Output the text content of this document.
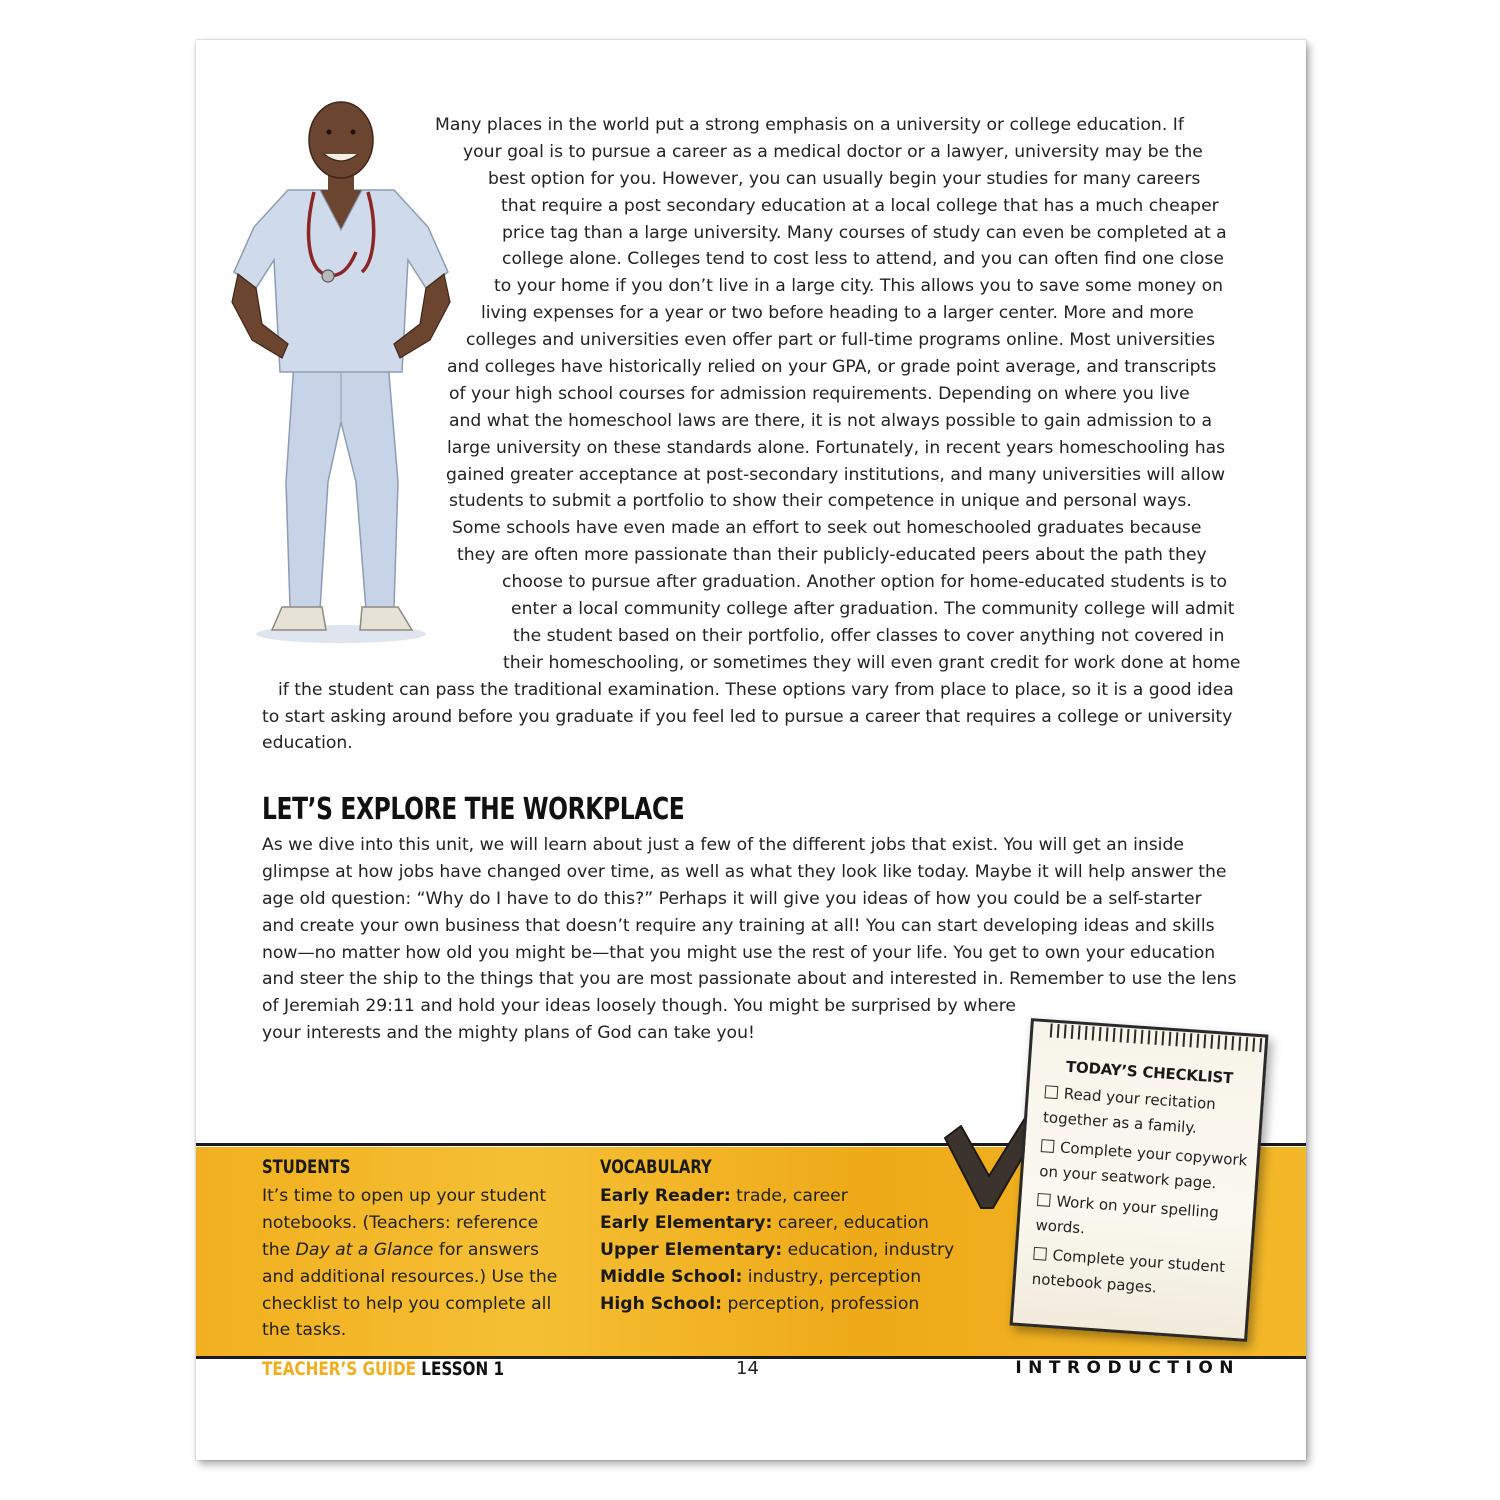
Many places in the world put a strong emphasis on a university or college education. If
your goal is to pursue a career as a medical doctor or a lawyer, university may be the
best option for you. However, you can usually begin your studies for many careers
that require a post secondary education at a local college that has a much cheaper
price tag than a large university. Many courses of study can even be completed at a
college alone. Colleges tend to cost less to attend, and you can often find one close
to your home if you don’t live in a large city. This allows you to save some money on
living expenses for a year or two before heading to a larger center. More and more
colleges and universities even offer part or full-time programs online. Most universities
and colleges have historically relied on your GPA, or grade point average, and transcripts
of your high school courses for admission requirements. Depending on where you live
and what the homeschool laws are there, it is not always possible to gain admission to a
large university on these standards alone. Fortunately, in recent years homeschooling has
gained greater acceptance at post-secondary institutions, and many universities will allow
students to submit a portfolio to show their competence in unique and personal ways.
Some schools have even made an effort to seek out homeschooled graduates because
they are often more passionate than their publicly-educated peers about the path they
choose to pursue after graduation. Another option for home-educated students is to
enter a local community college after graduation. The community college will admit
the student based on their portfolio, offer classes to cover anything not covered in
their homeschooling, or sometimes they will even grant credit for work done at home
if the student can pass the traditional examination. These options vary from place to place, so it is a good idea
to start asking around before you graduate if you feel led to pursue a career that requires a college or university
education.
LET’S EXPLORE THE WORKPLACE
As we dive into this unit, we will learn about just a few of the different jobs that exist. You will get an inside
glimpse at how jobs have changed over time, as well as what they look like today. Maybe it will help answer the
age old question: “Why do I have to do this?” Perhaps it will give you ideas of how you could be a self-starter
and create your own business that doesn’t require any training at all! You can start developing ideas and skills
now—no matter how old you might be—that you might use the rest of your life. You get to own your education
and steer the ship to the things that you are most passionate about and interested in. Remember to use the lens
of Jeremiah 29:11 and hold your ideas loosely though. You might be surprised by where
your interests and the mighty plans of God can take you!
STUDENTS
It’s time to open up your student
notebooks. (Teachers: reference
the Day at a Glance for answers
and additional resources.) Use the
checklist to help you complete all
the tasks.
VOCABULARY
Early Reader: trade, career
Early Elementary: career, education
Upper Elementary: education, industry
Middle School: industry, perception
High School: perception, profession
TODAY’S CHECKLIST
Read your recitation together as a family.
Complete your copywork on your seatwork page.
Work on your spelling words.
Complete your student notebook pages.
TEACHER’S GUIDE LESSON 1	14	INTRODUCTION
